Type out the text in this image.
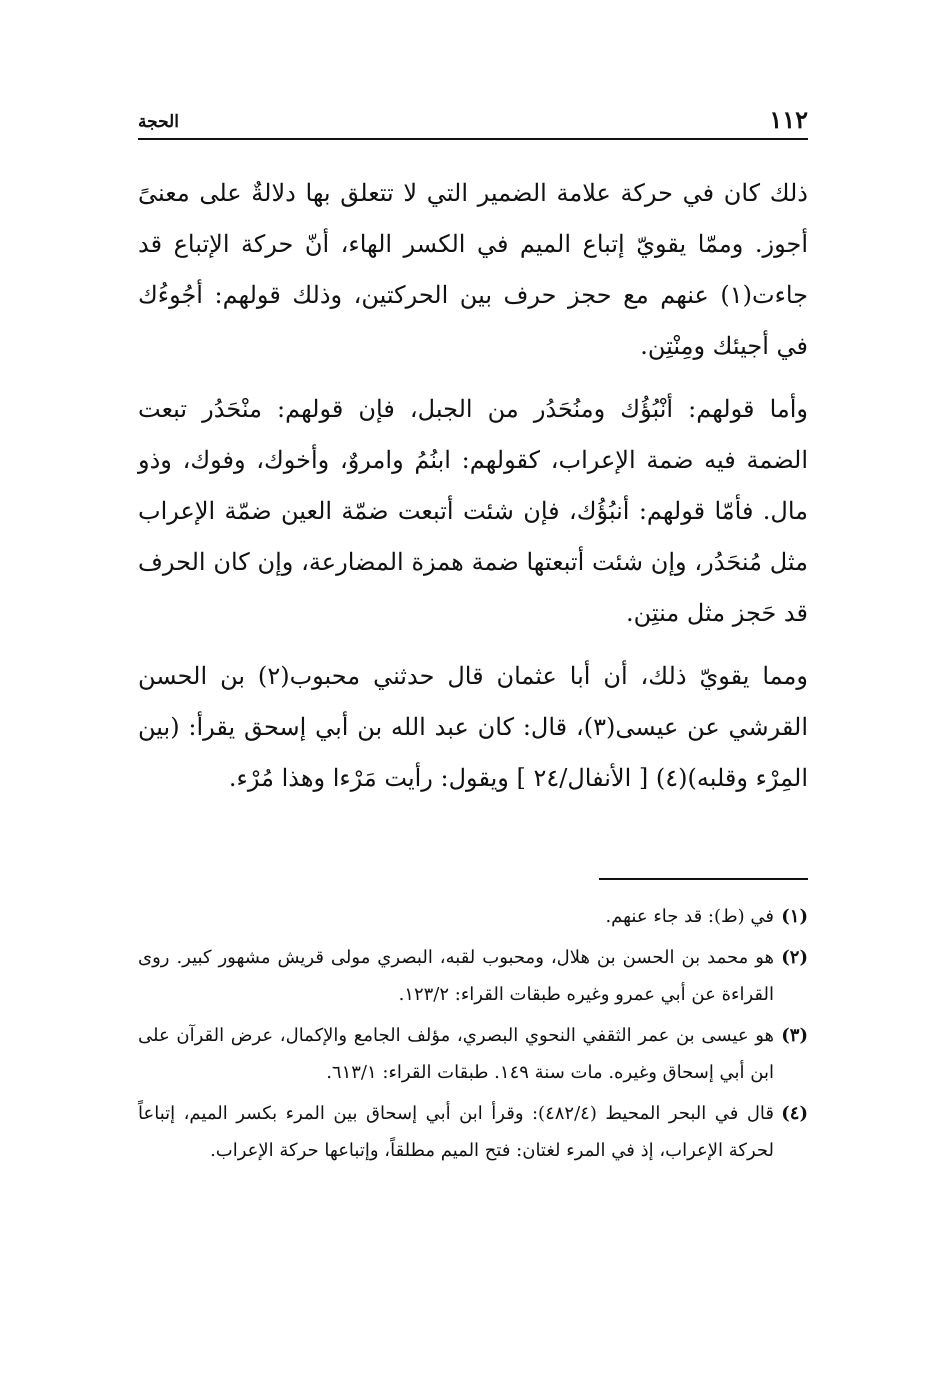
١١٢
الحجة

ذلك كان في حركة علامة الضمير التي لا تتعلق بها دلالةٌ على معنىً أجوز. وممّا يقويّ إتباع الميم في الكسر الهاء، أنّ حركة الإتباع قد جاءت(١) عنهم مع حجز حرف بين الحركتين، وذلك قولهم: أجُوءُك في أجيئك ومِنْتِن.

وأما قولهم: أنْبُؤُك ومنُحَدُر من الجبل، فإن قولهم: منْحَدُر تبعت الضمة فيه ضمة الإعراب، كقولهم: ابنُمُ وامروٌ، وأخوك، وفوك، وذو مال. فأمّا قولهم: أنبُؤُك، فإن شئت أتبعت ضمّة العين ضمّة الإعراب مثل مُنحَدُر، وإن شئت أتبعتها ضمة همزة المضارعة، وإن كان الحرف قد حَجز مثل منتِن.

ومما يقويّ ذلك، أن أبا عثمان قال حدثني محبوب(٢) بن الحسن القرشي عن عيسى(٣)، قال: كان عبد الله بن أبي إسحق يقرأ: (بين المِرْء وقلبه)(٤) [ الأنفال/٢٤ ] ويقول: رأيت مَرْءا وهذا مُرْء.

(١)
في (ط): قد جاء عنهم.
(٢)
هو محمد بن الحسن بن هلال، ومحبوب لقبه، البصري مولى قريش مشهور كبير. روى القراءة عن أبي عمرو وغيره طبقات القراء: ١٢٣/٢.
(٣)
هو عيسى بن عمر الثقفي النحوي البصري، مؤلف الجامع والإكمال، عرض القرآن على ابن أبي إسحاق وغيره. مات سنة ١٤٩. طبقات القراء: ٦١٣/١.
(٤)
قال في البحر المحيط (٤٨٢/٤): وقرأ ابن أبي إسحاق بين المرء بكسر الميم، إتباعاً لحركة الإعراب، إذ في المرء لغتان: فتح الميم مطلقاً، وإتباعها حركة الإعراب.
